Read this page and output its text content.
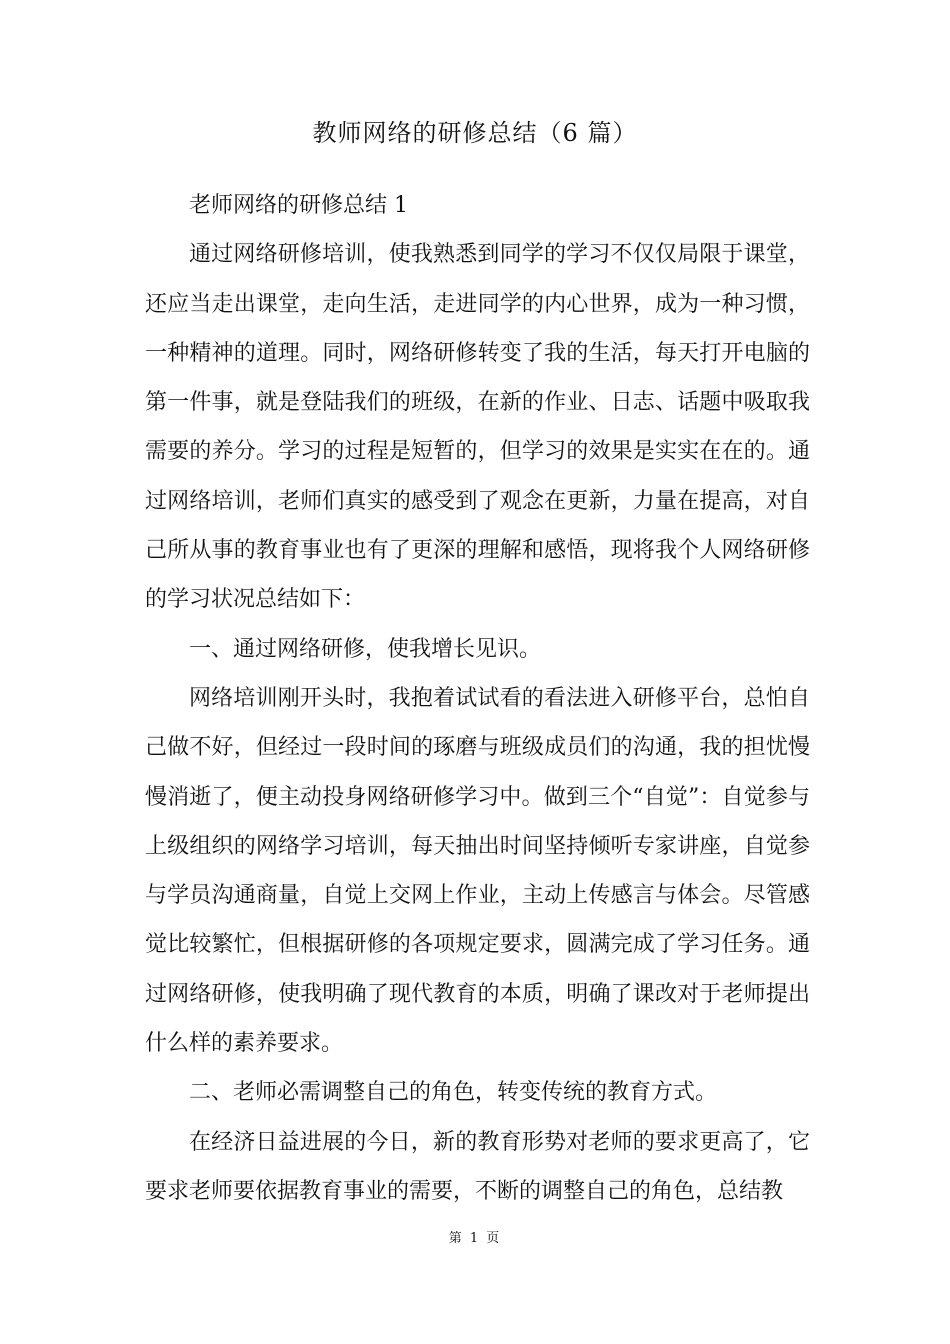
教师网络的研修总结（6 篇）

老师网络的研修总结 1

通过网络研修培训，使我熟悉到同学的学习不仅仅局限于课堂，还应当走出课堂，走向生活，走进同学的内心世界，成为一种习惯，一种精神的道理。同时，网络研修转变了我的生活，每天打开电脑的第一件事，就是登陆我们的班级，在新的作业、日志、话题中吸取我需要的养分。学习的过程是短暂的，但学习的效果是实实在在的。通过网络培训，老师们真实的感受到了观念在更新，力量在提高，对自己所从事的教育事业也有了更深的理解和感悟，现将我个人网络研修的学习状况总结如下：

一、通过网络研修，使我增长见识。

网络培训刚开头时，我抱着试试看的看法进入研修平台，总怕自己做不好，但经过一段时间的琢磨与班级成员们的沟通，我的担忧慢慢消逝了，便主动投身网络研修学习中。做到三个“自觉”：自觉参与上级组织的网络学习培训，每天抽出时间坚持倾听专家讲座，自觉参与学员沟通商量，自觉上交网上作业，主动上传感言与体会。尽管感觉比较繁忙，但根据研修的各项规定要求，圆满完成了学习任务。通过网络研修，使我明确了现代教育的本质，明确了课改对于老师提出什么样的素养要求。

二、老师必需调整自己的角色，转变传统的教育方式。

在经济日益进展的今日，新的教育形势对老师的要求更高了，它要求老师要依据教育事业的需要，不断的调整自己的角色，总结教

第 1 页
